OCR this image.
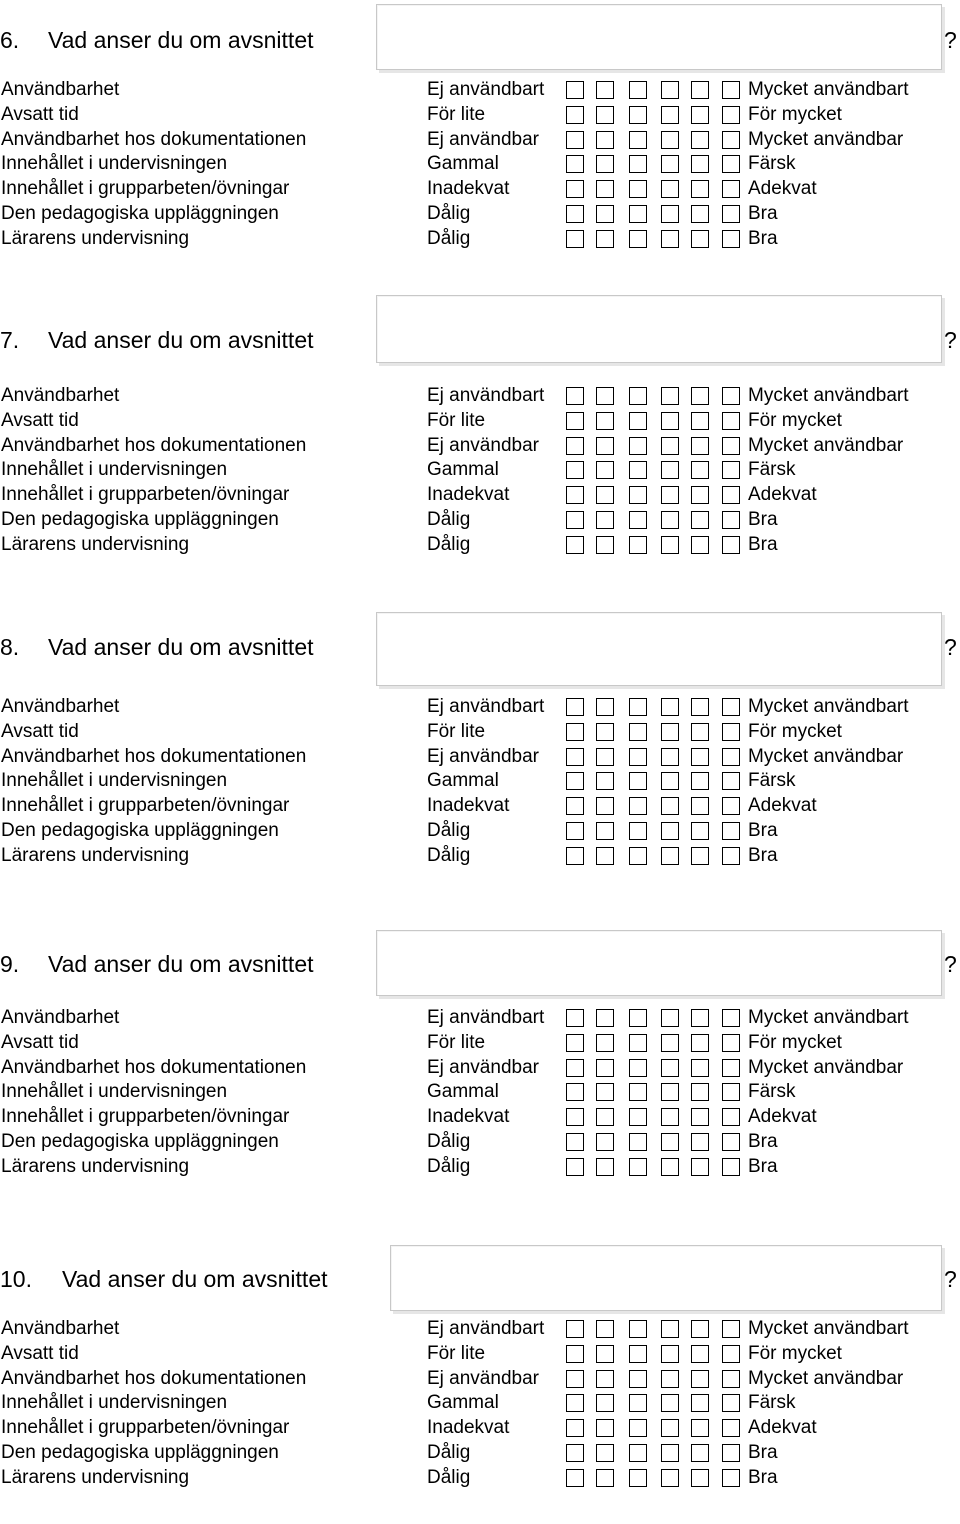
6. Vad anser du om avsnittet	?
Användbarhet	Ej användbart	Mycket användbart
Avsatt tid	För lite	För mycket
Användbarhet hos dokumentationen	Ej användbar	Mycket användbar
Innehållet i undervisningen	Gammal	Färsk
Innehållet i grupparbeten/övningar	Inadekvat	Adekvat
Den pedagogiska uppläggningen	Dålig	Bra
Lärarens undervisning	Dålig	Bra
7. Vad anser du om avsnittet	?
Användbarhet	Ej användbart	Mycket användbart
Avsatt tid	För lite	För mycket
Användbarhet hos dokumentationen	Ej användbar	Mycket användbar
Innehållet i undervisningen	Gammal	Färsk
Innehållet i grupparbeten/övningar	Inadekvat	Adekvat
Den pedagogiska uppläggningen	Dålig	Bra
Lärarens undervisning	Dålig	Bra
8. Vad anser du om avsnittet	?
Användbarhet	Ej användbart	Mycket användbart
Avsatt tid	För lite	För mycket
Användbarhet hos dokumentationen	Ej användbar	Mycket användbar
Innehållet i undervisningen	Gammal	Färsk
Innehållet i grupparbeten/övningar	Inadekvat	Adekvat
Den pedagogiska uppläggningen	Dålig	Bra
Lärarens undervisning	Dålig	Bra
9. Vad anser du om avsnittet	?
Användbarhet	Ej användbart	Mycket användbart
Avsatt tid	För lite	För mycket
Användbarhet hos dokumentationen	Ej användbar	Mycket användbar
Innehållet i undervisningen	Gammal	Färsk
Innehållet i grupparbeten/övningar	Inadekvat	Adekvat
Den pedagogiska uppläggningen	Dålig	Bra
Lärarens undervisning	Dålig	Bra
10. Vad anser du om avsnittet	?
Användbarhet	Ej användbart	Mycket användbart
Avsatt tid	För lite	För mycket
Användbarhet hos dokumentationen	Ej användbar	Mycket användbar
Innehållet i undervisningen	Gammal	Färsk
Innehållet i grupparbeten/övningar	Inadekvat	Adekvat
Den pedagogiska uppläggningen	Dålig	Bra
Lärarens undervisning	Dålig	Bra
